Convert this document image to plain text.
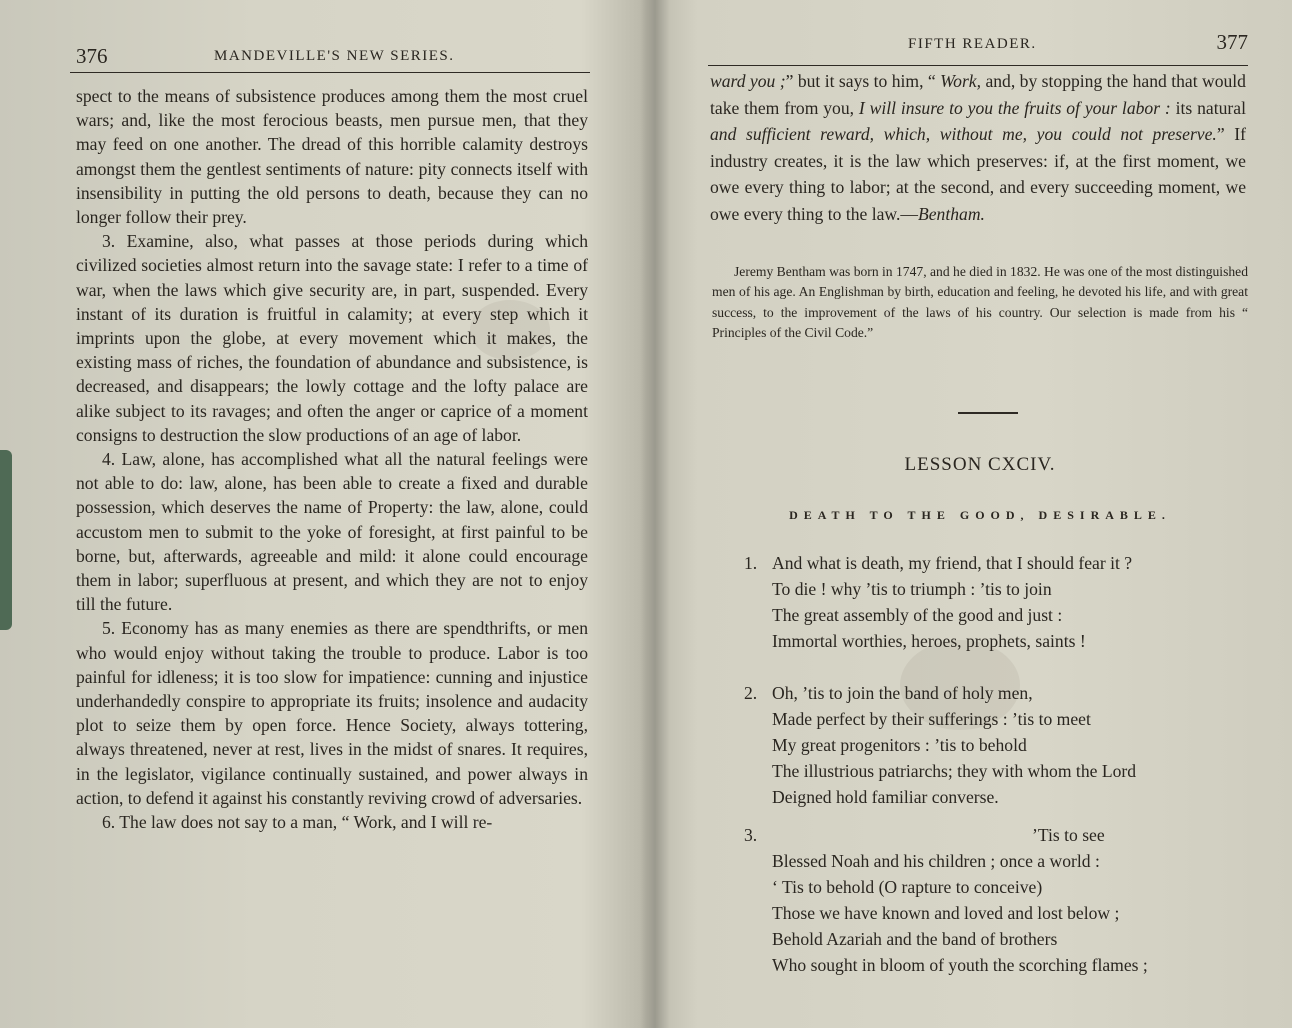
376	MANDEVILLE'S NEW SERIES.

spect to the means of subsistence produces among them the most cruel wars; and, like the most ferocious beasts, men pursue men, that they may feed on one another. The dread of this horrible calamity destroys amongst them the gentlest sentiments of nature: pity connects itself with insensibility in putting the old persons to death, because they can no longer follow their prey.

3. Examine, also, what passes at those periods during which civilized societies almost return into the savage state: I refer to a time of war, when the laws which give security are, in part, suspended. Every instant of its duration is fruitful in calamity; at every step which it imprints upon the globe, at every movement which it makes, the existing mass of riches, the foundation of abundance and subsistence, is decreased, and disappears; the lowly cottage and the lofty palace are alike subject to its ravages; and often the anger or caprice of a moment consigns to destruction the slow productions of an age of labor.

4. Law, alone, has accomplished what all the natural feelings were not able to do: law, alone, has been able to create a fixed and durable possession, which deserves the name of Property: the law, alone, could accustom men to submit to the yoke of foresight, at first painful to be borne, but, afterwards, agreeable and mild: it alone could encourage them in labor; superfluous at present, and which they are not to enjoy till the future.

5. Economy has as many enemies as there are spendthrifts, or men who would enjoy without taking the trouble to produce. Labor is too painful for idleness; it is too slow for impatience: cunning and injustice underhandedly conspire to appropriate its fruits; insolence and audacity plot to seize them by open force. Hence Society, always tottering, always threatened, never at rest, lives in the midst of snares. It requires, in the legislator, vigilance continually sustained, and power always in action, to defend it against his constantly reviving crowd of adversaries.

6. The law does not say to a man, “ Work, and I will re-

FIFTH READER.	377

ward you ;” but it says to him, “ Work, and, by stopping the hand that would take them from you, I will insure to you the fruits of your labor : its natural and sufficient reward, which, without me, you could not preserve.” If industry creates, it is the law which preserves: if, at the first moment, we owe every thing to labor; at the second, and every succeeding moment, we owe every thing to the law.—Bentham.

Jeremy Bentham was born in 1747, and he died in 1832. He was one of the most distinguished men of his age. An Englishman by birth, education and feeling, he devoted his life, and with great success, to the improvement of the laws of his country. Our selection is made from his “ Principles of the Civil Code.”

LESSON CXCIV.
DEATH TO THE GOOD, DESIRABLE.
1. And what is death, my friend, that I should fear it ?
To die ! why ’tis to triumph : ’tis to join
The great assembly of the good and just :
Immortal worthies, heroes, prophets, saints !
2. Oh, ’tis to join the band of holy men,
Made perfect by their sufferings : ’tis to meet
My great progenitors : ’tis to behold
The illustrious patriarchs; they with whom the Lord
Deigned hold familiar converse.
3.	’Tis to see
Blessed Noah and his children ; once a world :
‘ Tis to behold (O rapture to conceive)
Those we have known and loved and lost below ;
Behold Azariah and the band of brothers
Who sought in bloom of youth the scorching flames ;
